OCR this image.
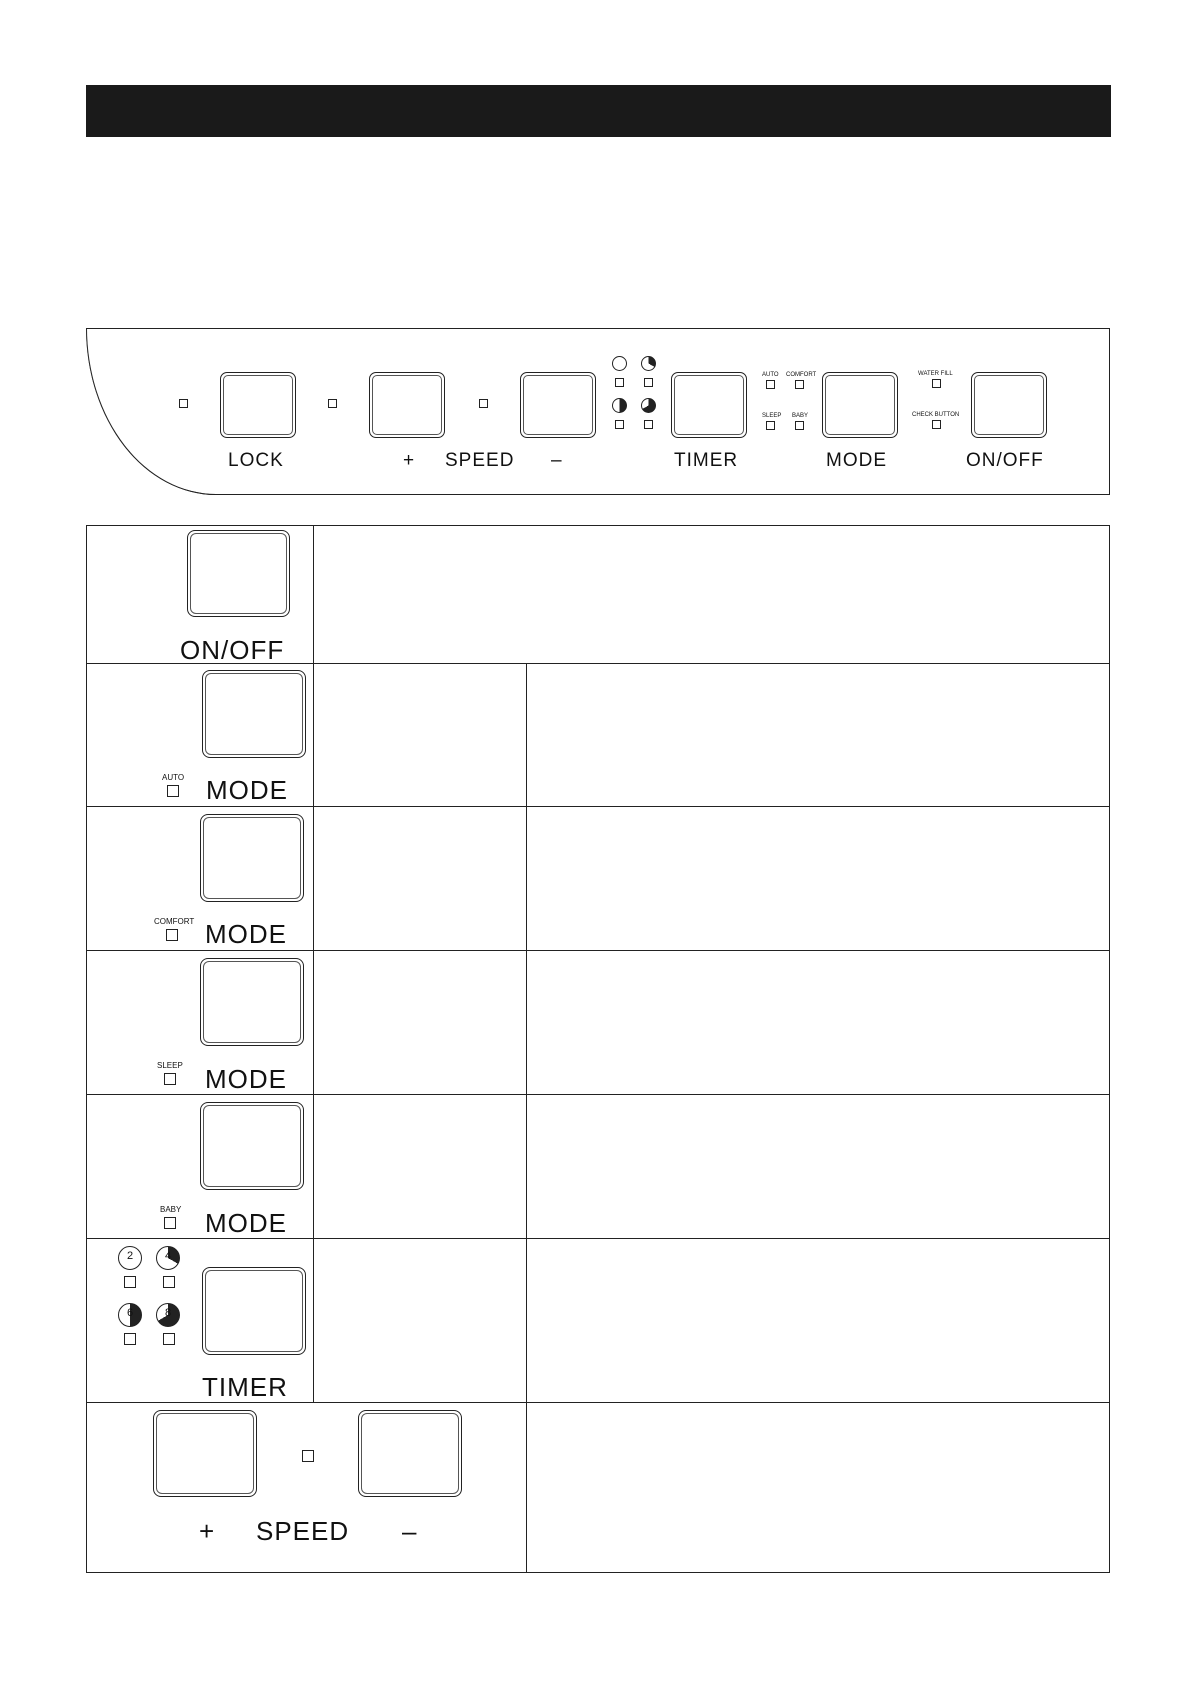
LOCK	+ SPEED –	TIMER
AUTO COMFORT
SLEEP BABY
MODE
WATER FILL
CHECK BUTTON
ON/OFF
ON/OFF
AUTO MODE
COMFORT MODE
SLEEP MODE
BABY MODE
2	4
6	8
TIMER
+ SPEED –
